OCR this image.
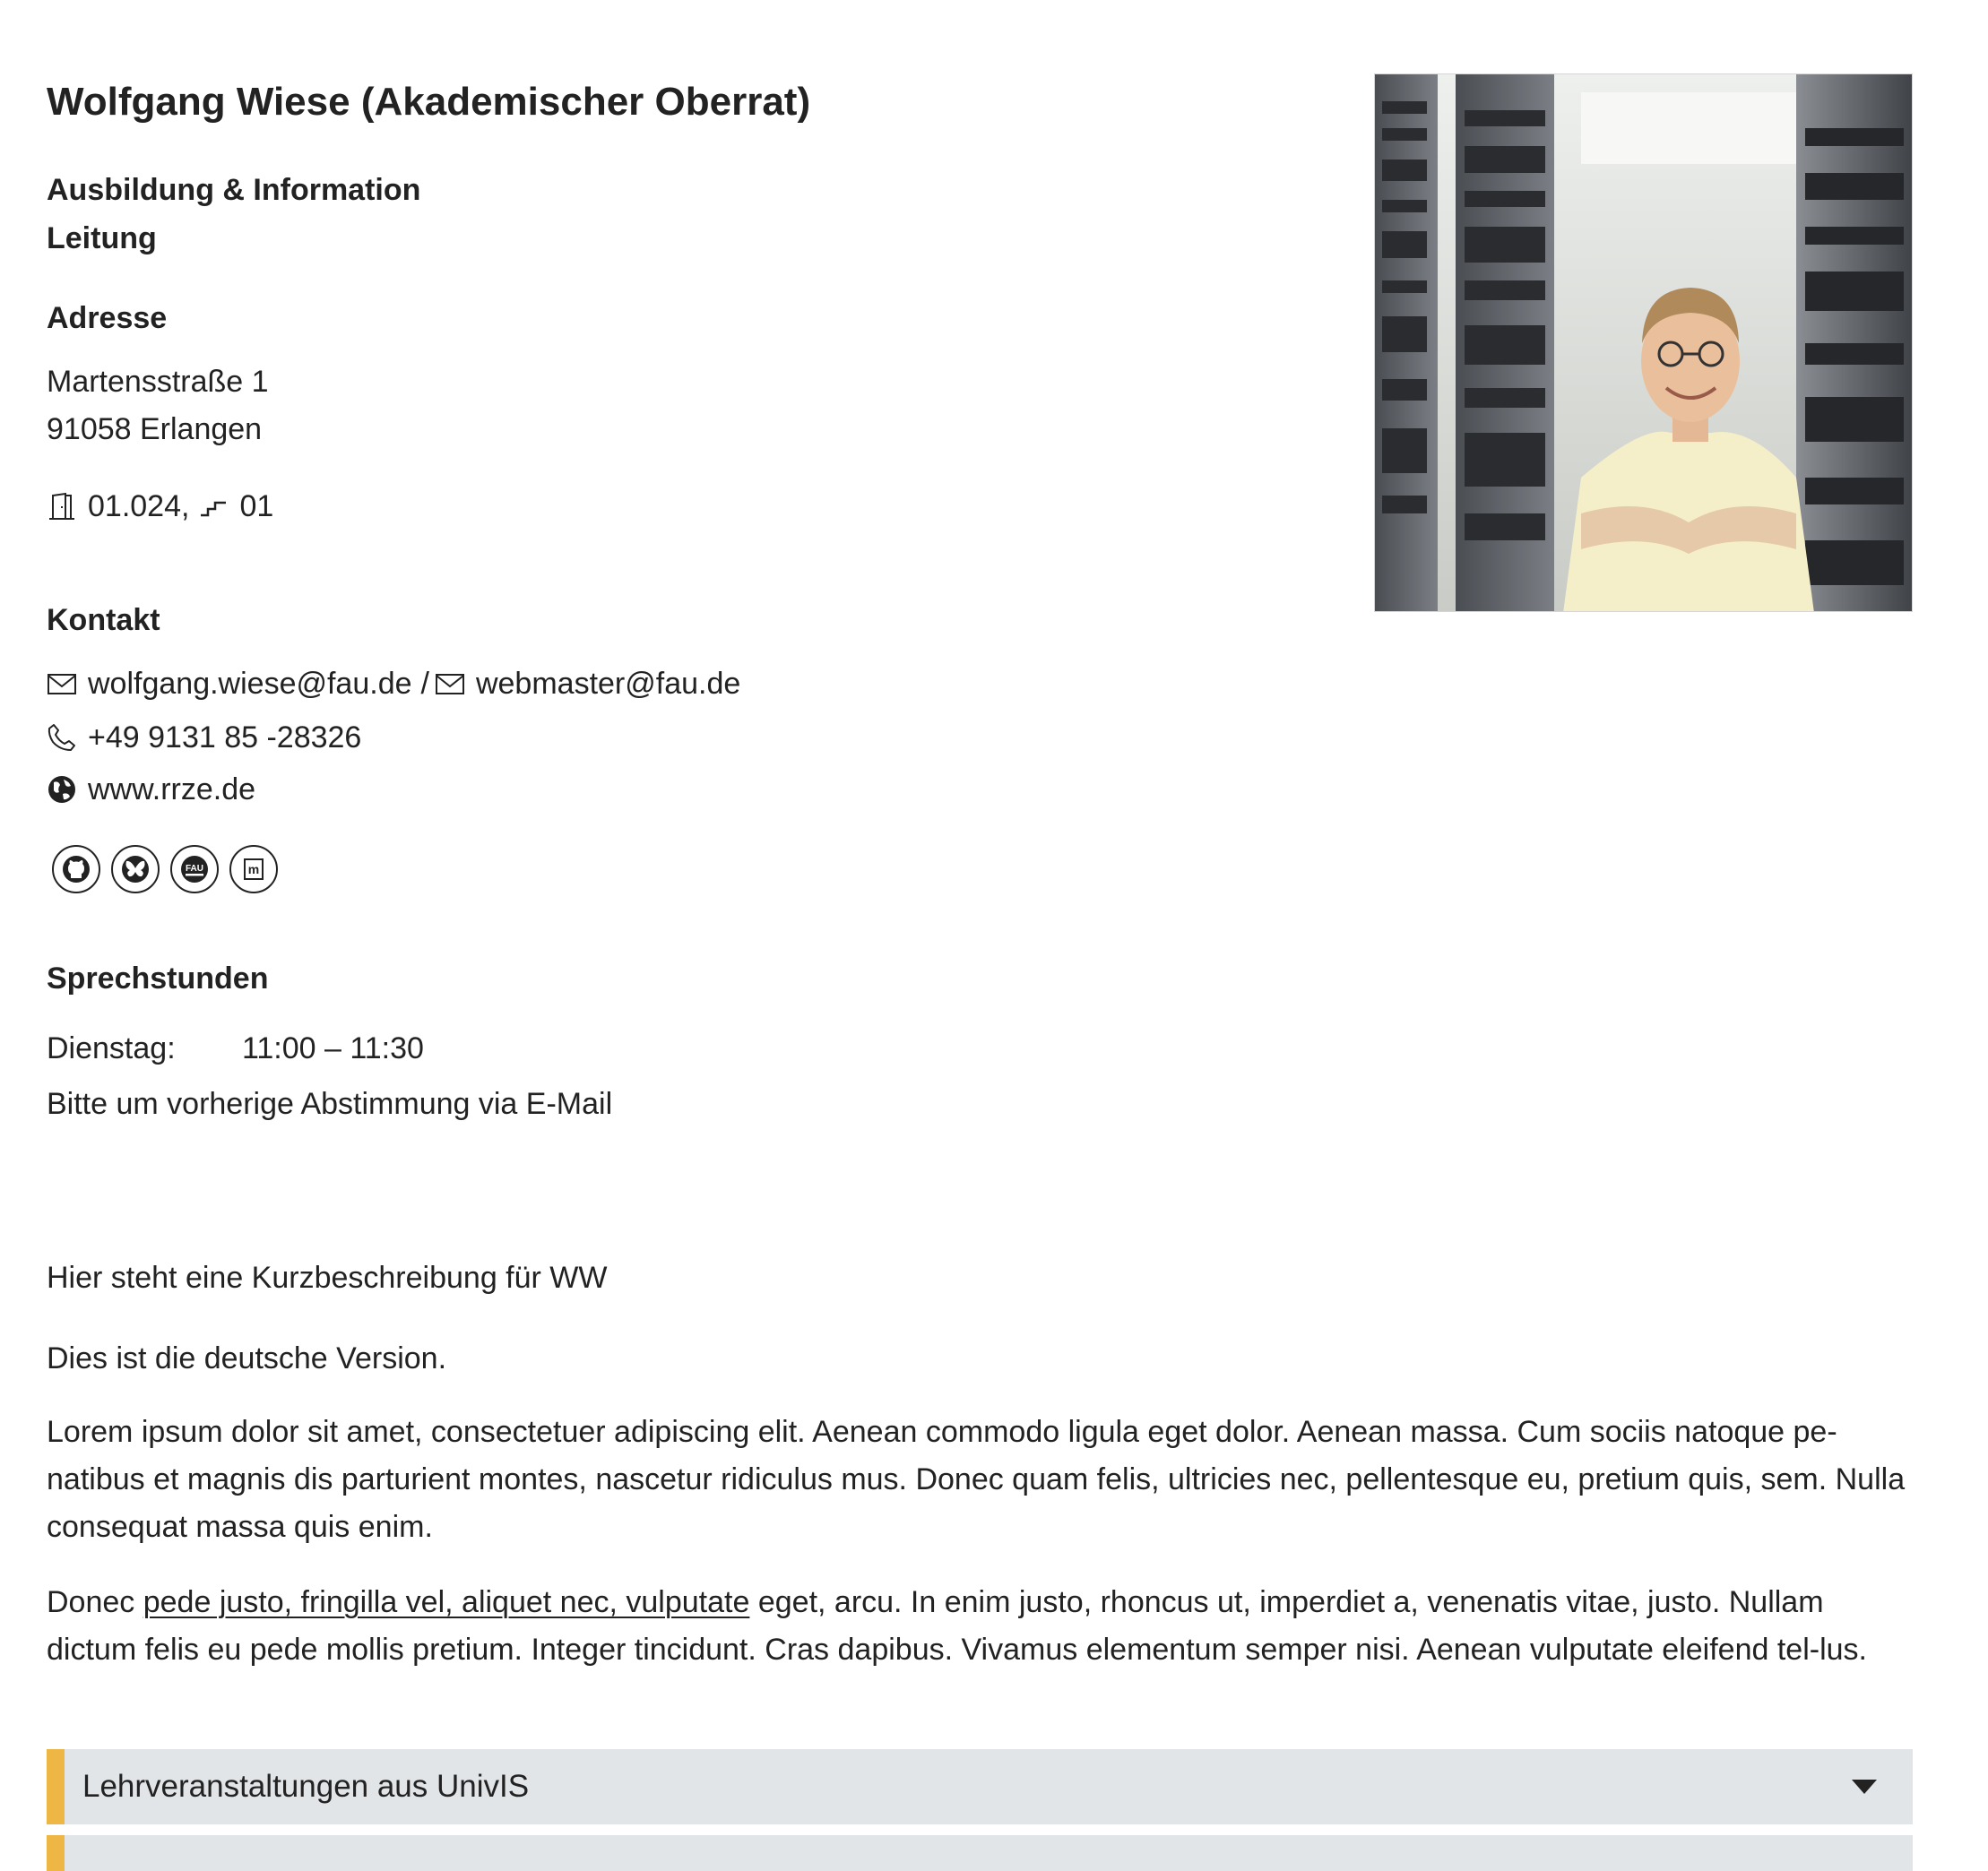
Wolfgang Wiese (Akademischer Oberrat)
Ausbildung & Information
Leitung
Adresse
Martensstraße 1
91058 Erlangen
01.024, 01
Kontakt
wolfgang.wiese@fau.de / webmaster@fau.de
+49 9131 85 -28326
www.rrze.de
FAU	m
Sprechstunden
Dienstag:	11:00 – 11:30
Bitte um vorherige Abstimmung via E-Mail
Hier steht eine Kurzbeschreibung für WW
Dies ist die deutsche Version.

Lorem ipsum dolor sit amet, consectetuer adipiscing elit. Aenean commodo ligula eget dolor. Aenean massa. Cum sociis natoque pe-natibus et magnis dis parturient montes, nascetur ridiculus mus. Donec quam felis, ultricies nec, pellentesque eu, pretium quis, sem. Nulla consequat massa quis enim.

Donec pede justo, fringilla vel, aliquet nec, vulputate eget, arcu. In enim justo, rhoncus ut, imperdiet a, venenatis vitae, justo. Nullam dictum felis eu pede mollis pretium. Integer tincidunt. Cras dapibus. Vivamus elementum semper nisi. Aenean vulputate eleifend tel-lus.

Lehrveranstaltungen aus UnivIS
